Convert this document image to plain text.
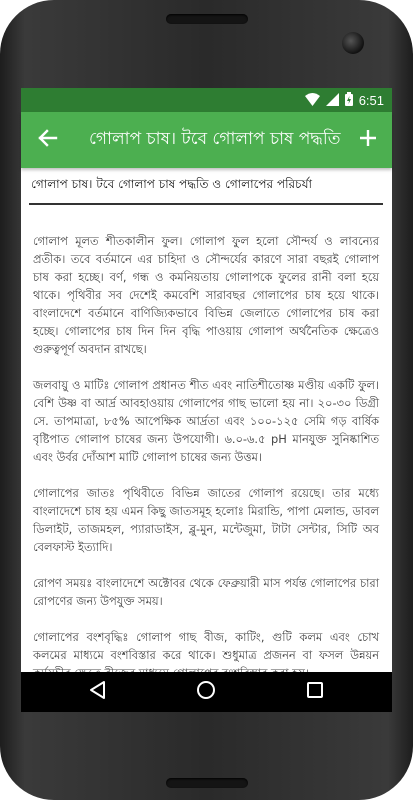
6:51
গোলাপ চাষ। টবে গোলাপ চাষ পদ্ধতি
গোলাপ চাষ। টবে গোলাপ চাষ পদ্ধতি ও গোলাপের পরিচর্যা

গোলাপ মূলত শীতকালীন ফুল। গোলাপ ফুল হলো সৌন্দর্য ও লাবন্যের প্রতীক। তবে বর্তমানে এর চাহিদা ও সৌন্দর্যের কারণে সারা বছরই গোলাপ চাষ করা হচ্ছে। বর্ণ, গন্ধ ও কমনিয়তায় গোলাপকে ফুলের রানী বলা হয়ে থাকে। পৃথিবীর সব দেশেই কমবেশি সারাবছর গোলাপের চাষ হয়ে থাকে। বাংলাদেশে বর্তমানে বাণিজ্যিকভাবে বিভিন্ন জেলাতে গোলাপের চাষ করা হচ্ছে। গোলাপের চাষ দিন দিন বৃদ্ধি পাওয়ায় গোলাপ অর্থনৈতিক ক্ষেত্রেও গুরুত্বপূর্ণ অবদান রাখছে।

জলবায়ু ও মাটিঃ গোলাপ প্রধানত শীত এবং নাতিশীতোষ্ণ মণ্ডীয় একটি ফুল। বেশি উষ্ণ বা আর্দ্র আবহাওয়ায় গোলাপের গাছ ভালো হয় না। ২০-৩০ ডিগ্রী সে. তাপমাত্রা, ৮৫% আপেক্ষিক আর্দ্রতা এবং ১০০-১২৫ সেমি গড় বার্ষিক বৃষ্টিপাত গোলাপ চাষের জন্য উপযোগী। ৬.০-৬.৫ pH মানযুক্ত সুনিষ্কাশিত এবং উর্বর দোঁআশ মাটি গোলাপ চাষের জন্য উত্তম।

গোলাপের জাতঃ পৃথিবীতে বিভিন্ন জাতের গোলাপ রয়েছে। তার মধ্যে বাংলাদেশে চাষ হয় এমন কিছু জাতসমূহ হলোঃ মিরান্ডি, পাপা মেলান্ড, ডাবল ডিলাইট, তাজমহল, প্যারাডাইস, ব্লু-মুন, মন্টেজুমা, টাটা সেন্টার, সিটি অব বেলফাস্ট ইত্যাদি।

রোপণ সময়ঃ বাংলাদেশে অক্টোবর থেকে ফেব্রুয়ারী মাস পর্যন্ত গোলাপের চারা রোপণের জন্য উপযুক্ত সময়।

গোলাপের বংশবৃদ্ধিঃ গোলাপ গাছ বীজ, কাটিং, গুটি কলম এবং চোখ কলমের মাধ্যমে বংশবিস্তার করে থাকে। শুধুমাত্র প্রজনন বা ফসল উন্নয়ন
